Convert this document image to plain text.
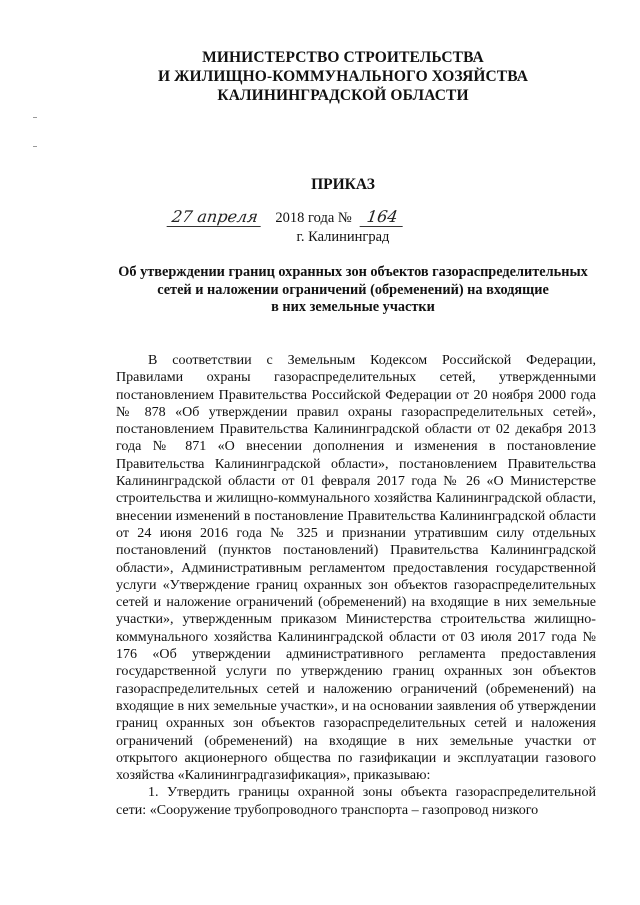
МИНИСТЕРСТВО СТРОИТЕЛЬСТВА
И ЖИЛИЩНО-КОММУНАЛЬНОГО ХОЗЯЙСТВА
КАЛИНИНГРАДСКОЙ ОБЛАСТИ
ПРИКАЗ
27 апреля 2018 года № 164
г. Калининград
Об утверждении границ охранных зон объектов газораспределительных
сетей и наложении ограничений (обременений) на входящие
в них земельные участки

В соответствии с Земельным Кодексом Российской Федерации, Правилами охраны газораспределительных сетей, утвержденными постановлением Правительства Российской Федерации от 20 ноября 2000 года № 878 «Об утверждении правил охраны газораспределительных сетей», постановлением Правительства Калининградской области от 02 декабря 2013 года № 871 «О внесении дополнения и изменения в постановление Правительства Калининградской области», постановлением Правительства Калининградской области от 01 февраля 2017 года № 26 «О Министерстве строительства и жилищно-коммунального хозяйства Калининградской области, внесении изменений в постановление Правительства Калининградской области от 24 июня 2016 года № 325 и признании утратившим силу отдельных постановлений (пунктов постановлений) Правительства Калининградской области», Административным регламентом предоставления государственной услуги «Утверждение границ охранных зон объектов газораспределительных сетей и наложение ограничений (обременений) на входящие в них земельные участки», утвержденным приказом Министерства строительства жилищно-коммунального хозяйства Калининградской области от 03 июля 2017 года № 176 «Об утверждении административного регламента предоставления государственной услуги по утверждению границ охранных зон объектов газораспределительных сетей и наложению ограничений (обременений) на входящие в них земельные участки», и на основании заявления об утверждении границ охранных зон объектов газораспределительных сетей и наложения ограничений (обременений) на входящие в них земельные участки от открытого акционерного общества по газификации и эксплуатации газового хозяйства «Калининградгазификация», приказываю:

1. Утвердить границы охранной зоны объекта газораспределительной сети: «Сооружение трубопроводного транспорта – газопровод низкого
